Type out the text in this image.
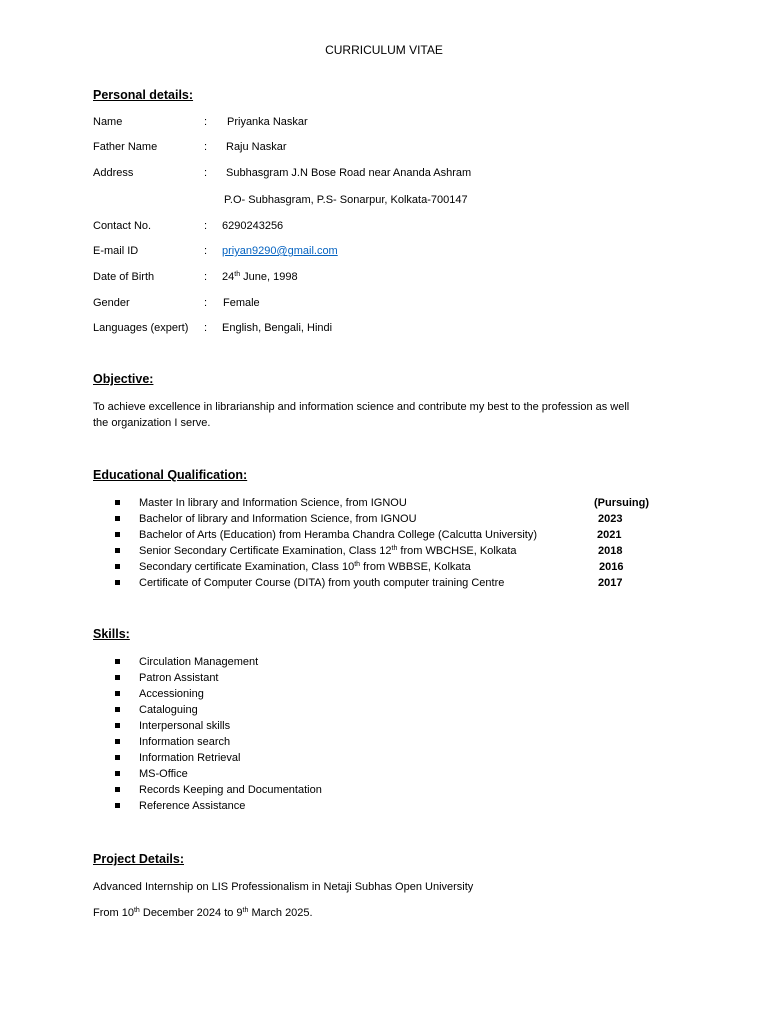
CURRICULUM VITAE
Personal details:
Name	: Priyanka Naskar
Father Name	: Raju Naskar
Address	: Subhasgram J.N Bose Road near Ananda Ashram
P.O- Subhasgram, P.S- Sonarpur, Kolkata-700147
Contact No.	: 6290243256
E-mail ID	: priyan9290@gmail.com
Date of Birth	: 24th June, 1998
Gender	: Female
Languages (expert) : English, Bengali, Hindi
Objective:
To achieve excellence in librarianship and information science and contribute my best to the profession as well
the organization I serve.
Educational Qualification:
Master In library and Information Science, from IGNOU	(Pursuing)
Bachelor of library and Information Science, from IGNOU	2023
Bachelor of Arts (Education) from Heramba Chandra College (Calcutta University)	2021
Senior Secondary Certificate Examination, Class 12th from WBCHSE, Kolkata	2018
Secondary certificate Examination, Class 10th from WBBSE, Kolkata	2016
Certificate of Computer Course (DITA) from youth computer training Centre	2017
Skills:
Circulation Management
Patron Assistant
Accessioning
Cataloguing
Interpersonal skills
Information search
Information Retrieval
MS-Office
Records Keeping and Documentation
Reference Assistance
Project Details:
Advanced Internship on LIS Professionalism in Netaji Subhas Open University
From 10th December 2024 to 9th March 2025.
